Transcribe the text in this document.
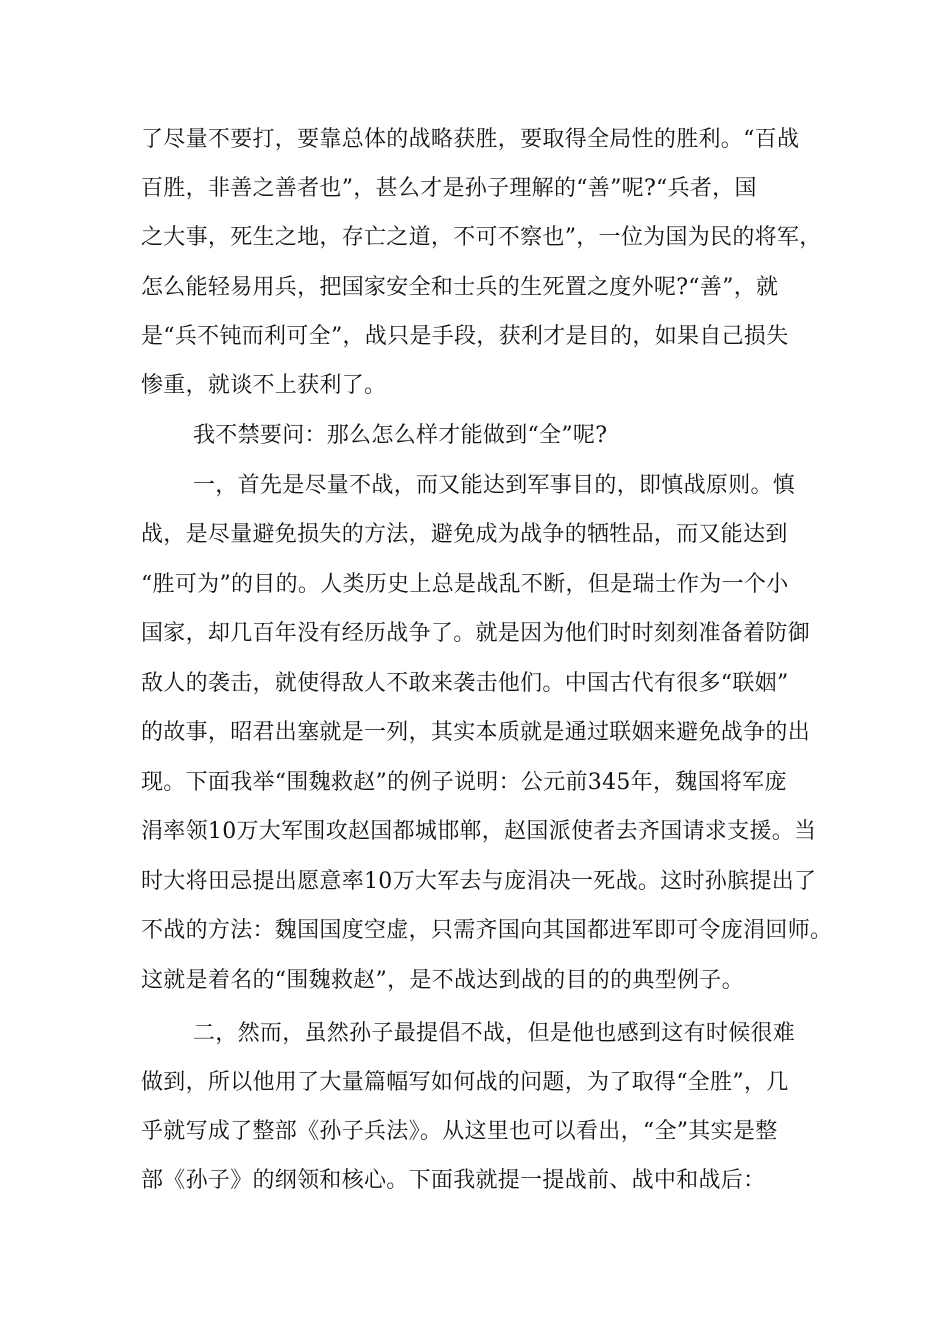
了尽量不要打，要靠总体的战略获胜，要取得全局性的胜利。“百战
百胜，非善之善者也”，甚么才是孙子理解的“善”呢?“兵者，国
之大事，死生之地，存亡之道，不可不察也”，一位为国为民的将军，
怎么能轻易用兵，把国家安全和士兵的生死置之度外呢?“善”，就
是“兵不钝而利可全”，战只是手段，获利才是目的，如果自己损失
惨重，就谈不上获利了。
我不禁要问：那么怎么样才能做到“全”呢?
一，首先是尽量不战，而又能达到军事目的，即慎战原则。慎
战，是尽量避免损失的方法，避免成为战争的牺牲品，而又能达到
“胜可为”的目的。人类历史上总是战乱不断，但是瑞士作为一个小
国家，却几百年没有经历战争了。就是因为他们时时刻刻准备着防御
敌人的袭击，就使得敌人不敢来袭击他们。中国古代有很多“联姻”
的故事，昭君出塞就是一列，其实本质就是通过联姻来避免战争的出
现。下面我举“围魏救赵”的例子说明：公元前345年，魏国将军庞
涓率领10万大军围攻赵国都城邯郸，赵国派使者去齐国请求支援。当
时大将田忌提出愿意率10万大军去与庞涓决一死战。这时孙膑提出了
不战的方法：魏国国度空虚，只需齐国向其国都进军即可令庞涓回师。
这就是着名的“围魏救赵”，是不战达到战的目的的典型例子。
二，然而，虽然孙子最提倡不战，但是他也感到这有时候很难
做到，所以他用了大量篇幅写如何战的问题，为了取得“全胜”，几
乎就写成了整部《孙子兵法》。从这里也可以看出，“全”其实是整
部《孙子》的纲领和核心。下面我就提一提战前、战中和战后：
